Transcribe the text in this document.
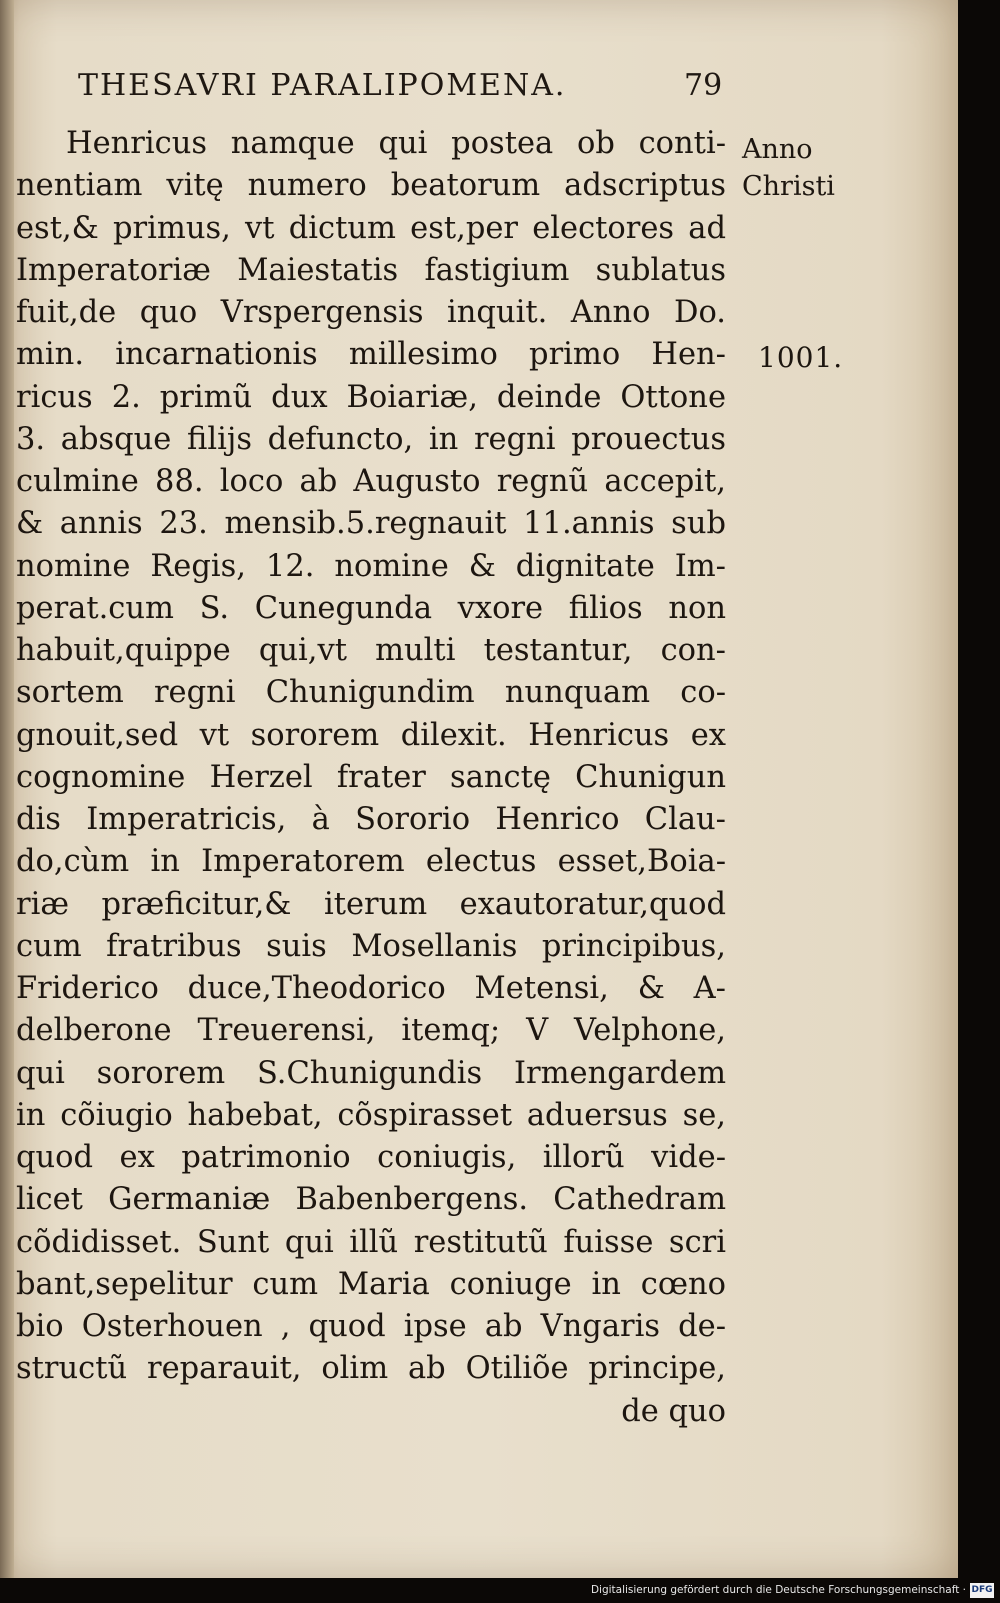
THESAVRI PARALIPOMENA.	79
Henricus namque qui postea ob conti-
nentiam vitę numero beatorum adscriptus
est,& primus, vt dictum est,per electores ad
Imperatoriæ Maiestatis fastigium sublatus
fuit,de quo Vrspergensis inquit. Anno Do.
min. incarnationis millesimo primo Hen-
ricus 2. primũ dux Boiariæ, deinde Ottone
3. absque filijs defuncto, in regni prouectus
culmine 88. loco ab Augusto regnũ accepit,
& annis 23. mensib.5.regnauit 11.annis sub
nomine Regis, 12. nomine & dignitate Im-
perat.cum S. Cunegunda vxore filios non
habuit,quippe qui,vt multi testantur, con-
sortem regni Chunigundim nunquam co-
gnouit,sed vt sororem dilexit. Henricus ex
cognomine Herzel frater sanctę Chunigun
dis Imperatricis, à Sororio Henrico Clau-
do,cùm in Imperatorem electus esset,Boia-
riæ præficitur,& iterum exautoratur,quod
cum fratribus suis Mosellanis principibus,
Friderico duce,Theodorico Metensi, & A-
delberone Treuerensi, itemq; V Velphone,
qui sororem S.Chunigundis Irmengardem
in cõiugio habebat, cõspirasset aduersus se,
quod ex patrimonio coniugis, illorũ vide-
licet Germaniæ Babenbergens. Cathedram
cõdidisset. Sunt qui illũ restitutũ fuisse scri
bant,sepelitur cum Maria coniuge in cœno
bio Osterhouen , quod ipse ab Vngaris de-
structũ reparauit, olim ab Otiliõe principe,
de quo
Anno
Christi
1001.
Digitalisierung gefördert durch die Deutsche Forschungsgemeinschaft · DFG
